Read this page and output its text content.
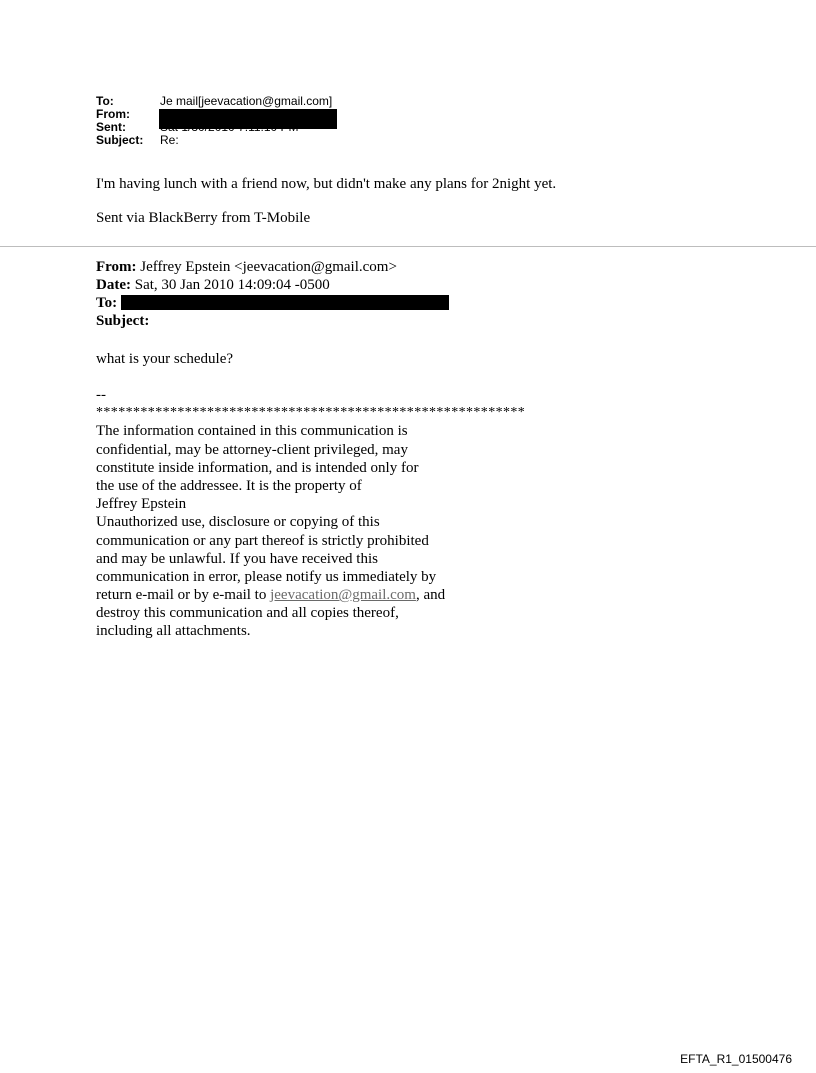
To:	Je mail[jeevacation@gmail.com]
From:
Sent:
Subject: Re:
I'm having lunch with a friend now, but didn't make any plans for 2night yet.
Sent via BlackBerry from T-Mobile
From: Jeffrey Epstein <jeevacation@gmail.com>
Date: Sat, 30 Jan 2010 14:09:04 -0500
To:
Subject:
what is your schedule?
--
**********************************************************
The information contained in this communication is
confidential, may be attorney-client privileged, may
constitute inside information, and is intended only for
the use of the addressee. It is the property of
Jeffrey Epstein
Unauthorized use, disclosure or copying of this
communication or any part thereof is strictly prohibited
and may be unlawful. If you have received this
communication in error, please notify us immediately by
return e-mail or by e-mail to jeevacation@gmail.com, and
destroy this communication and all copies thereof,
including all attachments.
EFTA_R1_01500476
